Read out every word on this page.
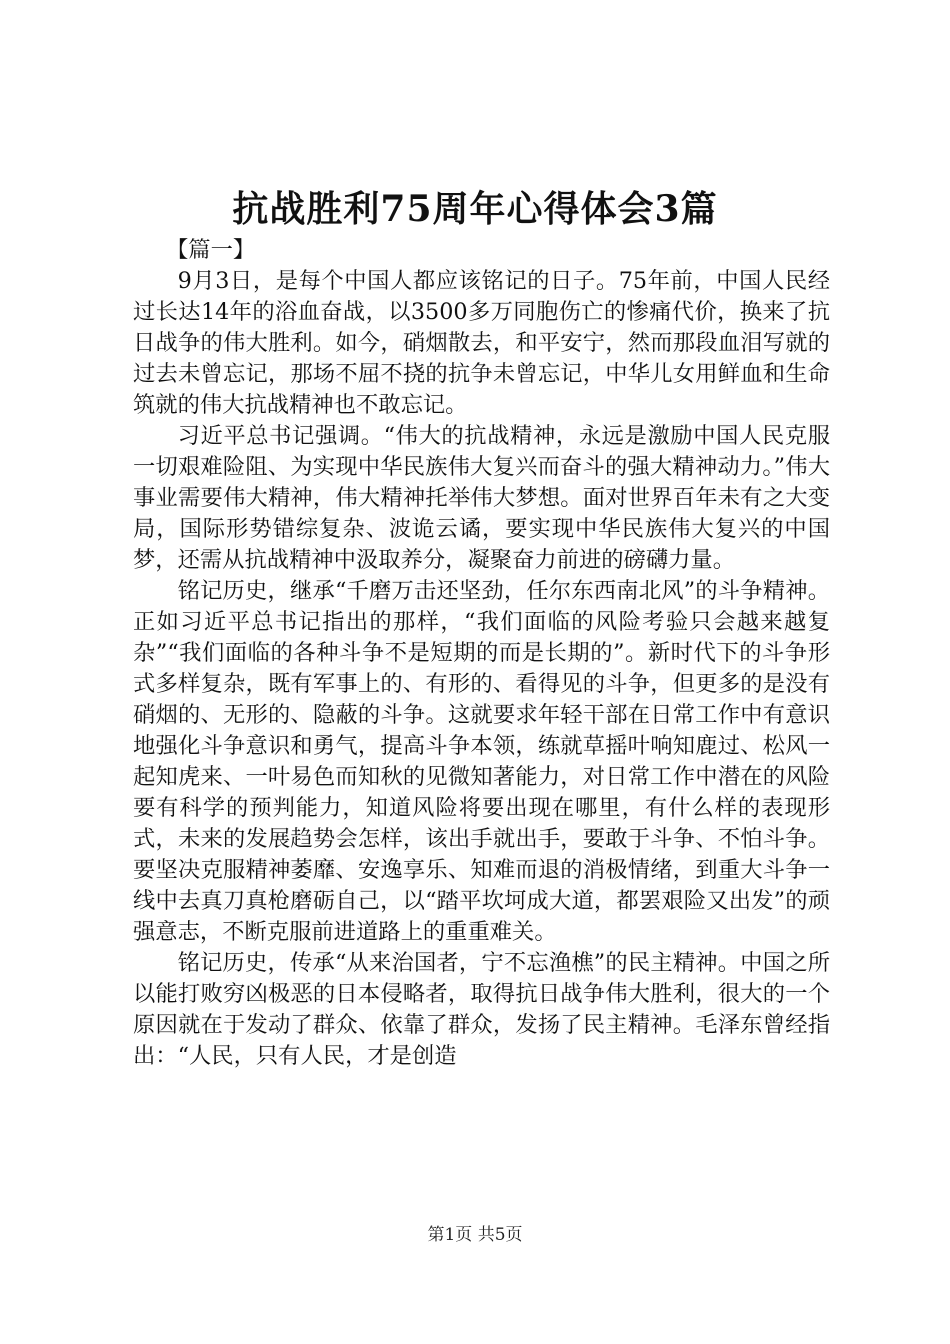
抗战胜利75周年心得体会3篇

【篇一】

9月3日，是每个中国人都应该铭记的日子。75年前，中国人民经过长达14年的浴血奋战，以3500多万同胞伤亡的惨痛代价，换来了抗日战争的伟大胜利。如今，硝烟散去，和平安宁，然而那段血泪写就的过去未曾忘记，那场不屈不挠的抗争未曾忘记，中华儿女用鲜血和生命筑就的伟大抗战精神也不敢忘记。

习近平总书记强调。“伟大的抗战精神，永远是激励中国人民克服一切艰难险阻、为实现中华民族伟大复兴而奋斗的强大精神动力。”伟大事业需要伟大精神，伟大精神托举伟大梦想。面对世界百年未有之大变局，国际形势错综复杂、波诡云谲，要实现中华民族伟大复兴的中国梦，还需从抗战精神中汲取养分，凝聚奋力前进的磅礴力量。

铭记历史，继承“千磨万击还坚劲，任尔东西南北风”的斗争精神。正如习近平总书记指出的那样，“我们面临的风险考验只会越来越复杂”“我们面临的各种斗争不是短期的而是长期的”。新时代下的斗争形式多样复杂，既有军事上的、有形的、看得见的斗争，但更多的是没有硝烟的、无形的、隐蔽的斗争。这就要求年轻干部在日常工作中有意识地强化斗争意识和勇气，提高斗争本领，练就草摇叶响知鹿过、松风一起知虎来、一叶易色而知秋的见微知著能力，对日常工作中潜在的风险要有科学的预判能力，知道风险将要出现在哪里，有什么样的表现形式，未来的发展趋势会怎样，该出手就出手，要敢于斗争、不怕斗争。要坚决克服精神萎靡、安逸享乐、知难而退的消极情绪，到重大斗争一线中去真刀真枪磨砺自己，以“踏平坎坷成大道，都罢艰险又出发”的顽强意志，不断克服前进道路上的重重难关。

铭记历史，传承“从来治国者，宁不忘渔樵”的民主精神。中国之所以能打败穷凶极恶的日本侵略者，取得抗日战争伟大胜利，很大的一个原因就在于发动了群众、依靠了群众，发扬了民主精神。毛泽东曾经指出：“人民，只有人民，才是创造

第1页 共5页
